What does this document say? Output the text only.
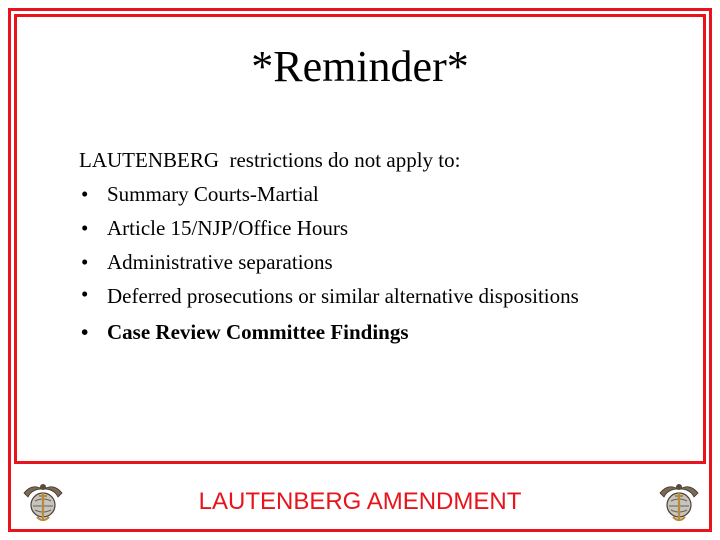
*Reminder*
LAUTENBERG  restrictions do not apply to:
• Summary Courts-Martial
• Article 15/NJP/Office Hours
• Administrative separations
• Deferred prosecutions or similar alternative dispositions
• Case Review Committee Findings
LAUTENBERG AMENDMENT
